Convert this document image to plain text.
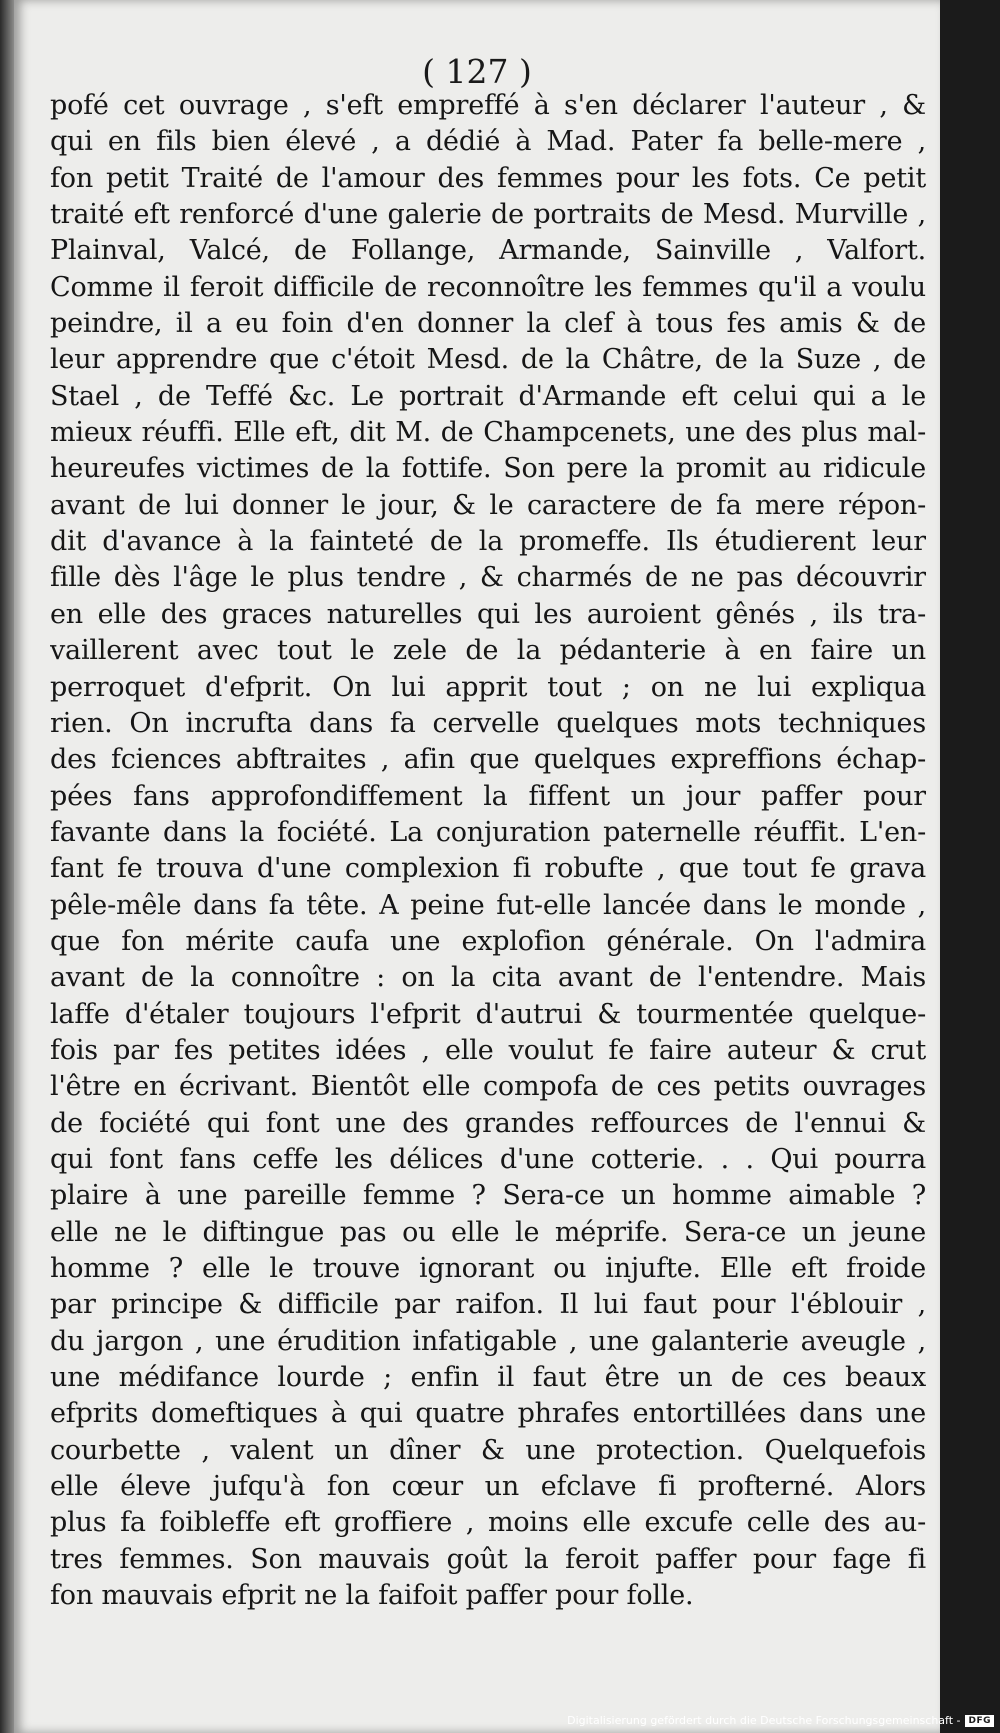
( 127 )
pofé cet ouvrage , s'eft empreffé à s'en déclarer l'auteur , &
qui en fils bien élevé , a dédié à Mad. Pater fa belle-mere ,
fon petit Traité de l'amour des femmes pour les fots. Ce petit
traité eft renforcé d'une galerie de portraits de Mesd. Murville ,
Plainval, Valcé, de Follange, Armande, Sainville , Valfort.
Comme il feroit difficile de reconnoître les femmes qu'il a voulu
peindre, il a eu foin d'en donner la clef à tous fes amis & de
leur apprendre que c'étoit Mesd. de la Châtre, de la Suze , de
Stael , de Teffé &c. Le portrait d'Armande eft celui qui a le
mieux réuffi. Elle eft, dit M. de Champcenets, une des plus mal-
heureufes victimes de la fottife. Son pere la promit au ridicule
avant de lui donner le jour, & le caractere de fa mere répon-
dit d'avance à la fainteté de la promeffe. Ils étudierent leur
fille dès l'âge le plus tendre , & charmés de ne pas découvrir
en elle des graces naturelles qui les auroient gênés , ils tra-
vaillerent avec tout le zele de la pédanterie à en faire un
perroquet d'efprit. On lui apprit tout ; on ne lui expliqua
rien. On incrufta dans fa cervelle quelques mots techniques
des fciences abftraites , afin que quelques expreffions échap-
pées fans approfondiffement la fiffent un jour paffer pour
favante dans la fociété. La conjuration paternelle réuffit. L'en-
fant fe trouva d'une complexion fi robufte , que tout fe grava
pêle-mêle dans fa tête. A peine fut-elle lancée dans le monde ,
que fon mérite caufa une explofion générale. On l'admira
avant de la connoître : on la cita avant de l'entendre. Mais
laffe d'étaler toujours l'efprit d'autrui & tourmentée quelque-
fois par fes petites idées , elle voulut fe faire auteur & crut
l'être en écrivant. Bientôt elle compofa de ces petits ouvrages
de fociété qui font une des grandes reffources de l'ennui &
qui font fans ceffe les délices d'une cotterie. . . Qui pourra
plaire à une pareille femme ? Sera-ce un homme aimable ?
elle ne le diftingue pas ou elle le méprife. Sera-ce un jeune
homme ? elle le trouve ignorant ou injufte. Elle eft froide
par principe & difficile par raifon. Il lui faut pour l'éblouir ,
du jargon , une érudition infatigable , une galanterie aveugle ,
une médifance lourde ; enfin il faut être un de ces beaux
efprits domeftiques à qui quatre phrafes entortillées dans une
courbette , valent un dîner & une protection. Quelquefois
elle éleve jufqu'à fon cœur un efclave fi profterné. Alors
plus fa foibleffe eft groffiere , moins elle excufe celle des au-
tres femmes. Son mauvais goût la feroit paffer pour fage fi
fon mauvais efprit ne la faifoit paffer pour folle.
Digitalisierung gefördert durch die Deutsche Forschungsgemeinschaft - DFG
